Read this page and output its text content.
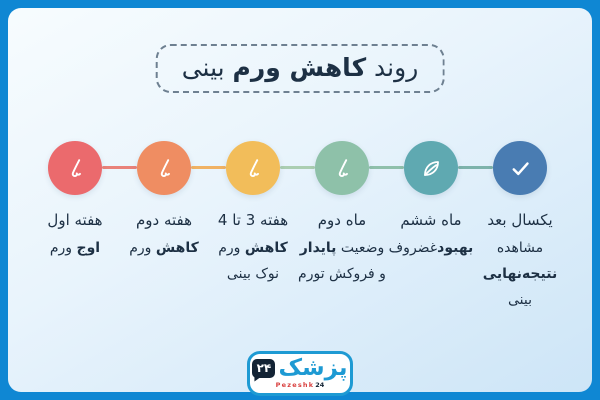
روند کاهش ورم بینی
هفته اول
اوج ورم
هفته دوم
کاهش ورم
هفته 3 تا 4
کاهش ورم
نوک بینی
ماه دوم
وضعیت پایدار
و فروکش تورم
ماه ششم
بهبودغضروف
یکسال بعد
مشاهده
نتیجه‌نهایی
بینی
۲۴ پزشک
Pezeshk 24
